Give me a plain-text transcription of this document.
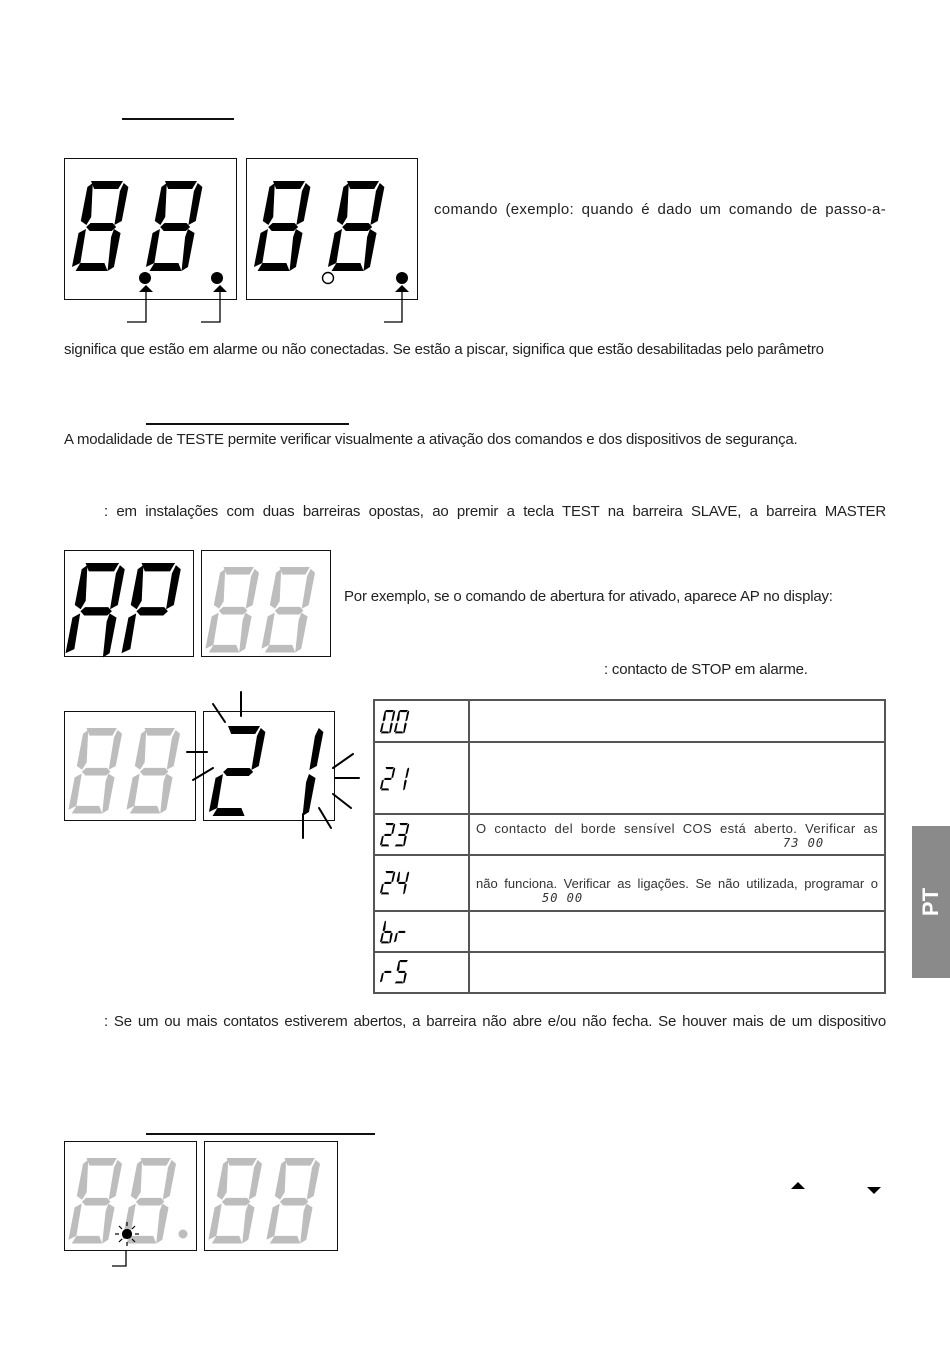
comando (exemplo: quando é dado um comando de passo-a-
significa que estão em alarme ou não conectadas. Se estão a piscar, significa que estão desabilitadas pelo parâmetro
A modalidade de TESTE permite verificar visualmente a ativação dos comandos e dos dispositivos de segurança.
: em instalações com duas barreiras opostas, ao premir a tecla TEST na barreira SLAVE, a barreira MASTER
Por exemplo, se o comando de abertura for ativado, aparece AP no display:
: contacto de STOP em alarme.
O contacto del borde sensível COS está aberto. Verificar as
73 00
não funciona. Verificar as ligações. Se não utilizada, programar o
50 00
: Se um ou mais contatos estiverem abertos, a barreira não abre e/ou não fecha. Se houver mais de um dispositivo
PT
